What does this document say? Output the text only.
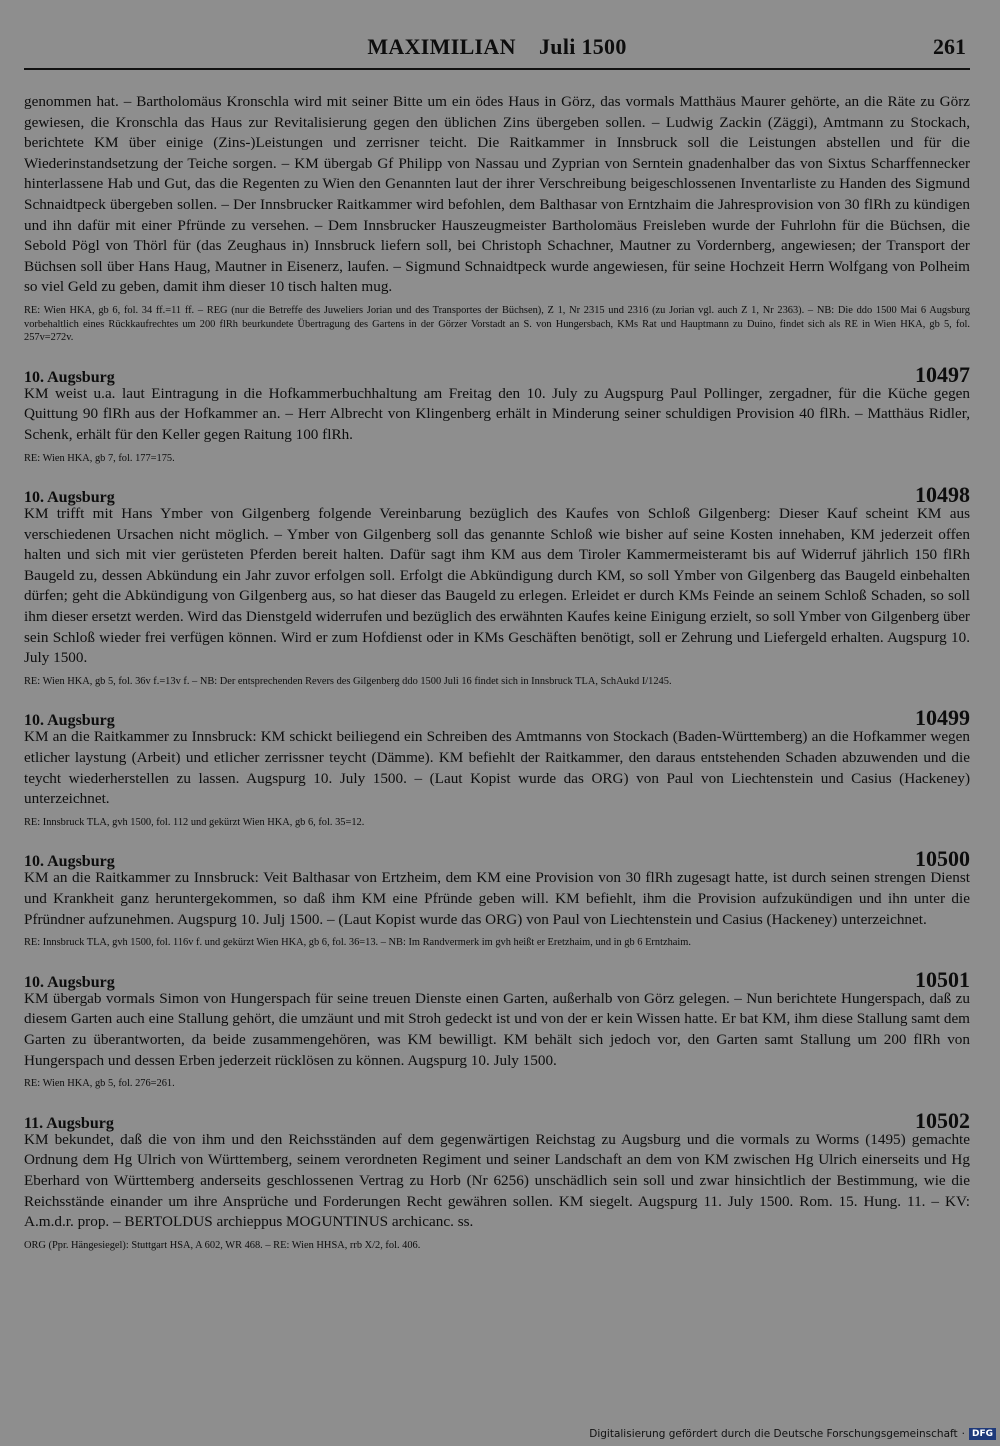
MAXIMILIAN    Juli 1500	261

genommen hat. – Bartholomäus Kronschla wird mit seiner Bitte um ein ödes Haus in Görz, das vormals Matthäus Maurer gehörte, an die Räte zu Görz gewiesen, die Kronschla das Haus zur Revitalisierung gegen den üblichen Zins übergeben sollen. – Ludwig Zackin (Zäggi), Amtmann zu Stockach, berichtete KM über einige (Zins-)Leistungen und zerrisner teicht. Die Raitkammer in Innsbruck soll die Leistungen abstellen und für die Wiederinstandsetzung der Teiche sorgen. – KM übergab Gf Philipp von Nassau und Zyprian von Serntein gnadenhalber das von Sixtus Scharffennecker hinterlassene Hab und Gut, das die Regenten zu Wien den Genannten laut der ihrer Verschreibung beigeschlossenen Inventarliste zu Handen des Sigmund Schnaidtpeck übergeben sollen. – Der Innsbrucker Raitkammer wird befohlen, dem Balthasar von Erntzhaim die Jahresprovision von 30 flRh zu kündigen und ihn dafür mit einer Pfründe zu versehen. – Dem Innsbrucker Hauszeugmeister Bartholomäus Freisleben wurde der Fuhrlohn für die Büchsen, die Sebold Pögl von Thörl für (das Zeughaus in) Innsbruck liefern soll, bei Christoph Schachner, Mautner zu Vordernberg, angewiesen; der Transport der Büchsen soll über Hans Haug, Mautner in Eisenerz, laufen. – Sigmund Schnaidtpeck wurde angewiesen, für seine Hochzeit Herrn Wolfgang von Polheim so viel Geld zu geben, damit ihm dieser 10 tisch halten mug.

RE: Wien HKA, gb 6, fol. 34 ff.=11 ff. – REG (nur die Betreffe des Juweliers Jorian und des Transportes der Büchsen), Z 1, Nr 2315 und 2316 (zu Jorian vgl. auch Z 1, Nr 2363). – NB: Die ddo 1500 Mai 6 Augsburg vorbehaltlich eines Rückkaufrechtes um 200 flRh beurkundete Übertragung des Gartens in der Görzer Vorstadt an S. von Hungersbach, KMs Rat und Hauptmann zu Duino, findet sich als RE in Wien HKA, gb 5, fol. 257v=272v.

10. Augsburg	10497

KM weist u.a. laut Eintragung in die Hofkammerbuchhaltung am Freitag den 10. July zu Augspurg Paul Pollinger, zergadner, für die Küche gegen Quittung 90 flRh aus der Hofkammer an. – Herr Albrecht von Klingenberg erhält in Minderung seiner schuldigen Provision 40 flRh. – Matthäus Ridler, Schenk, erhält für den Keller gegen Raitung 100 flRh.

RE: Wien HKA, gb 7, fol. 177=175.

10. Augsburg	10498

KM trifft mit Hans Ymber von Gilgenberg folgende Vereinbarung bezüglich des Kaufes von Schloß Gilgenberg: Dieser Kauf scheint KM aus verschiedenen Ursachen nicht möglich. – Ymber von Gilgenberg soll das genannte Schloß wie bisher auf seine Kosten innehaben, KM jederzeit offen halten und sich mit vier gerüsteten Pferden bereit halten. Dafür sagt ihm KM aus dem Tiroler Kammermeisteramt bis auf Widerruf jährlich 150 flRh Baugeld zu, dessen Abkündung ein Jahr zuvor erfolgen soll. Erfolgt die Abkündigung durch KM, so soll Ymber von Gilgenberg das Baugeld einbehalten dürfen; geht die Abkündigung von Gilgenberg aus, so hat dieser das Baugeld zu erlegen. Erleidet er durch KMs Feinde an seinem Schloß Schaden, so soll ihm dieser ersetzt werden. Wird das Dienstgeld widerrufen und bezüglich des erwähnten Kaufes keine Einigung erzielt, so soll Ymber von Gilgenberg über sein Schloß wieder frei verfügen können. Wird er zum Hofdienst oder in KMs Geschäften benötigt, soll er Zehrung und Liefergeld erhalten. Augspurg 10. July 1500.

RE: Wien HKA, gb 5, fol. 36v f.=13v f. – NB: Der entsprechenden Revers des Gilgenberg ddo 1500 Juli 16 findet sich in Innsbruck TLA, SchAukd I/1245.

10. Augsburg	10499

KM an die Raitkammer zu Innsbruck: KM schickt beiliegend ein Schreiben des Amtmanns von Stockach (Baden-Württemberg) an die Hofkammer wegen etlicher laystung (Arbeit) und etlicher zerrissner teycht (Dämme). KM befiehlt der Raitkammer, den daraus entstehenden Schaden abzuwenden und die teycht wiederherstellen zu lassen. Augspurg 10. July 1500. – (Laut Kopist wurde das ORG) von Paul von Liechtenstein und Casius (Hackeney) unterzeichnet.

RE: Innsbruck TLA, gvh 1500, fol. 112 und gekürzt Wien HKA, gb 6, fol. 35=12.

10. Augsburg	10500

KM an die Raitkammer zu Innsbruck: Veit Balthasar von Ertzheim, dem KM eine Provision von 30 flRh zugesagt hatte, ist durch seinen strengen Dienst und Krankheit ganz heruntergekommen, so daß ihm KM eine Pfründe geben will. KM befiehlt, ihm die Provision aufzukündigen und ihn unter die Pfründner aufzunehmen. Augspurg 10. Julj 1500. – (Laut Kopist wurde das ORG) von Paul von Liechtenstein und Casius (Hackeney) unterzeichnet.

RE: Innsbruck TLA, gvh 1500, fol. 116v f. und gekürzt Wien HKA, gb 6, fol. 36=13. – NB: Im Randvermerk im gvh heißt er Eretzhaim, und in gb 6 Erntzhaim.

10. Augsburg	10501

KM übergab vormals Simon von Hungerspach für seine treuen Dienste einen Garten, außerhalb von Görz gelegen. – Nun berichtete Hungerspach, daß zu diesem Garten auch eine Stallung gehört, die umzäunt und mit Stroh gedeckt ist und von der er kein Wissen hatte. Er bat KM, ihm diese Stallung samt dem Garten zu überantworten, da beide zusammengehören, was KM bewilligt. KM behält sich jedoch vor, den Garten samt Stallung um 200 flRh von Hungerspach und dessen Erben jederzeit rücklösen zu können. Augspurg 10. July 1500.

RE: Wien HKA, gb 5, fol. 276=261.

11. Augsburg	10502

KM bekundet, daß die von ihm und den Reichsständen auf dem gegenwärtigen Reichstag zu Augsburg und die vormals zu Worms (1495) gemachte Ordnung dem Hg Ulrich von Württemberg, seinem verordneten Regiment und seiner Landschaft an dem von KM zwischen Hg Ulrich einerseits und Hg Eberhard von Württemberg anderseits geschlossenen Vertrag zu Horb (Nr 6256) unschädlich sein soll und zwar hinsichtlich der Bestimmung, wie die Reichsstände einander um ihre Ansprüche und Forderungen Recht gewähren sollen. KM siegelt. Augspurg 11. July 1500. Rom. 15. Hung. 11. – KV: A.m.d.r. prop. – BERTOLDUS archieppus MOGUNTINUS archicanc. ss.

ORG (Ppr. Hängesiegel): Stuttgart HSA, A 602, WR 468. – RE: Wien HHSA, rrb X/2, fol. 406.

Digitalisierung gefördert durch die Deutsche Forschungsgemeinschaft · DFG
